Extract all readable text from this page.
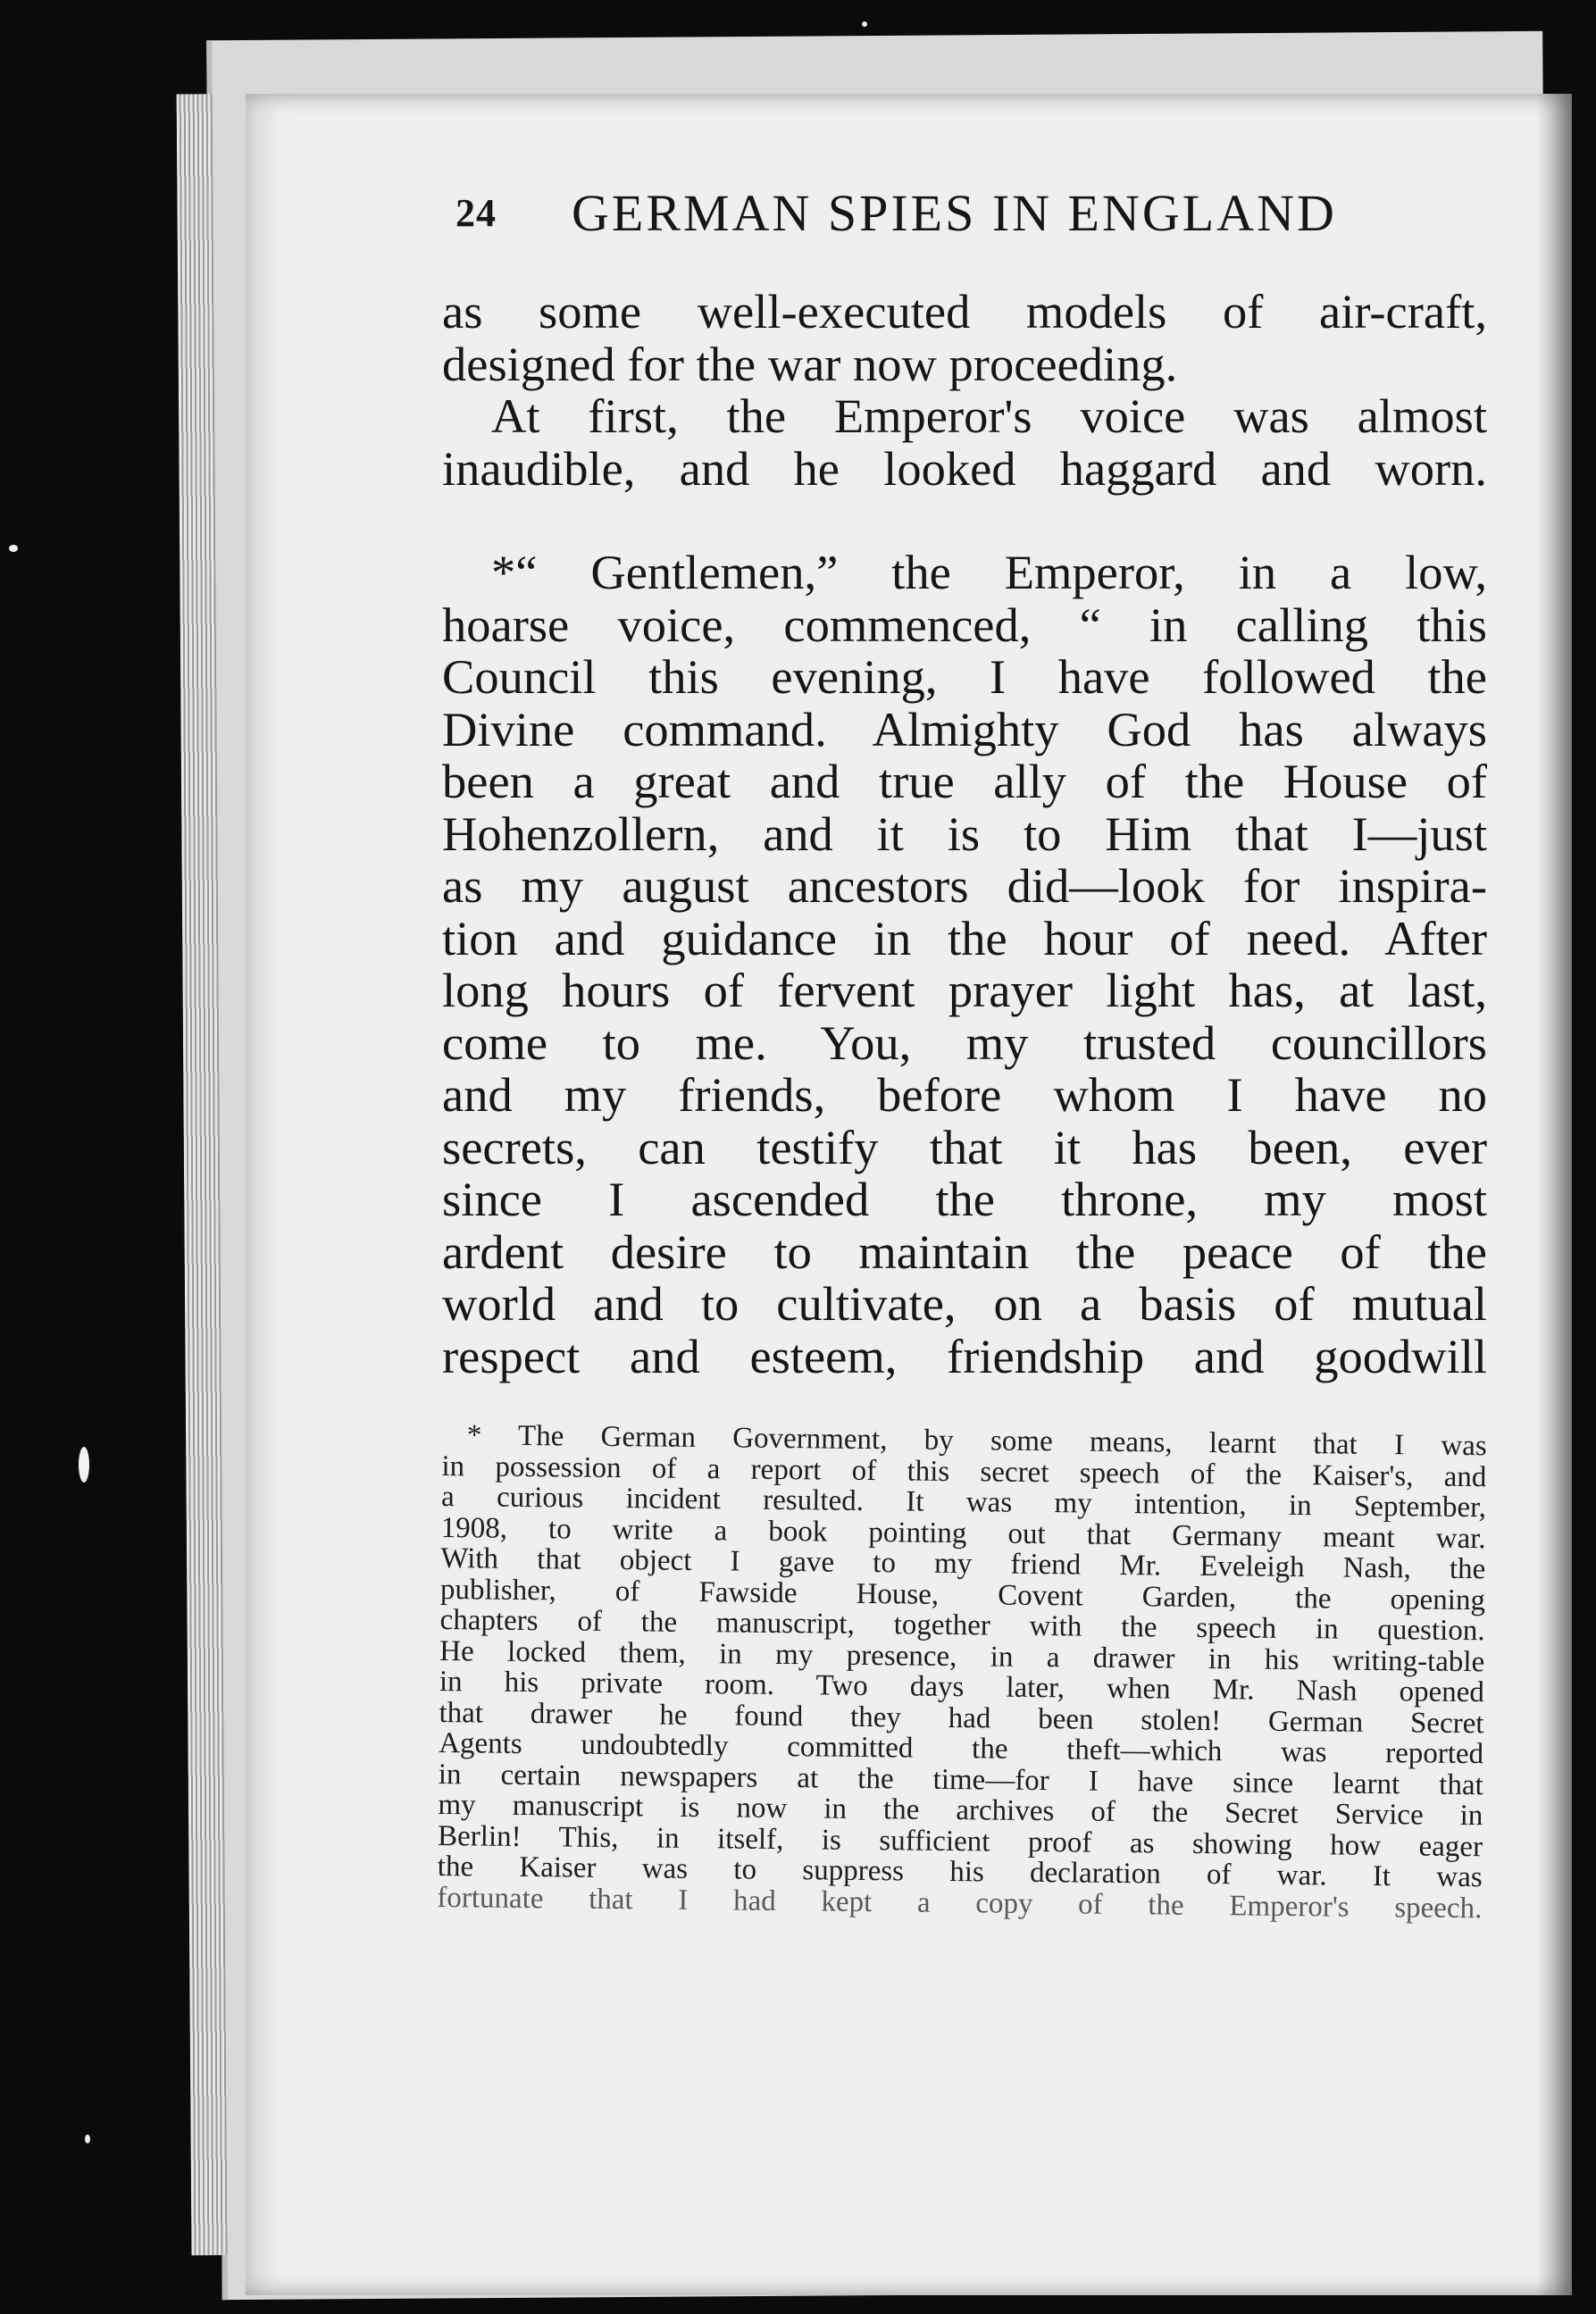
24 GERMAN SPIES IN ENGLAND
as some well-executed models of air-craft,
designed for the war now proceeding.
At first, the Emperor's voice was almost
inaudible, and he looked haggard and worn.
*“ Gentlemen,” the Emperor, in a low,
hoarse voice, commenced, “ in calling this
Council this evening, I have followed the
Divine command. Almighty God has always
been a great and true ally of the House of
Hohenzollern, and it is to Him that I—just
as my august ancestors did—look for inspira-
tion and guidance in the hour of need. After
long hours of fervent prayer light has, at last,
come to me. You, my trusted councillors
and my friends, before whom I have no
secrets, can testify that it has been, ever
since I ascended the throne, my most
ardent desire to maintain the peace of the
world and to cultivate, on a basis of mutual
respect and esteem, friendship and goodwill
* The German Government, by some means, learnt that I was
in possession of a report of this secret speech of the Kaiser's, and
a curious incident resulted. It was my intention, in September,
1908, to write a book pointing out that Germany meant war.
With that object I gave to my friend Mr. Eveleigh Nash, the
publisher, of Fawside House, Covent Garden, the opening
chapters of the manuscript, together with the speech in question.
He locked them, in my presence, in a drawer in his writing-table
in his private room. Two days later, when Mr. Nash opened
that drawer he found they had been stolen! German Secret
Agents undoubtedly committed the theft—which was reported
in certain newspapers at the time—for I have since learnt that
my manuscript is now in the archives of the Secret Service in
Berlin! This, in itself, is sufficient proof as showing how eager
the Kaiser was to suppress his declaration of war. It was
fortunate that I had kept a copy of the Emperor's speech.
